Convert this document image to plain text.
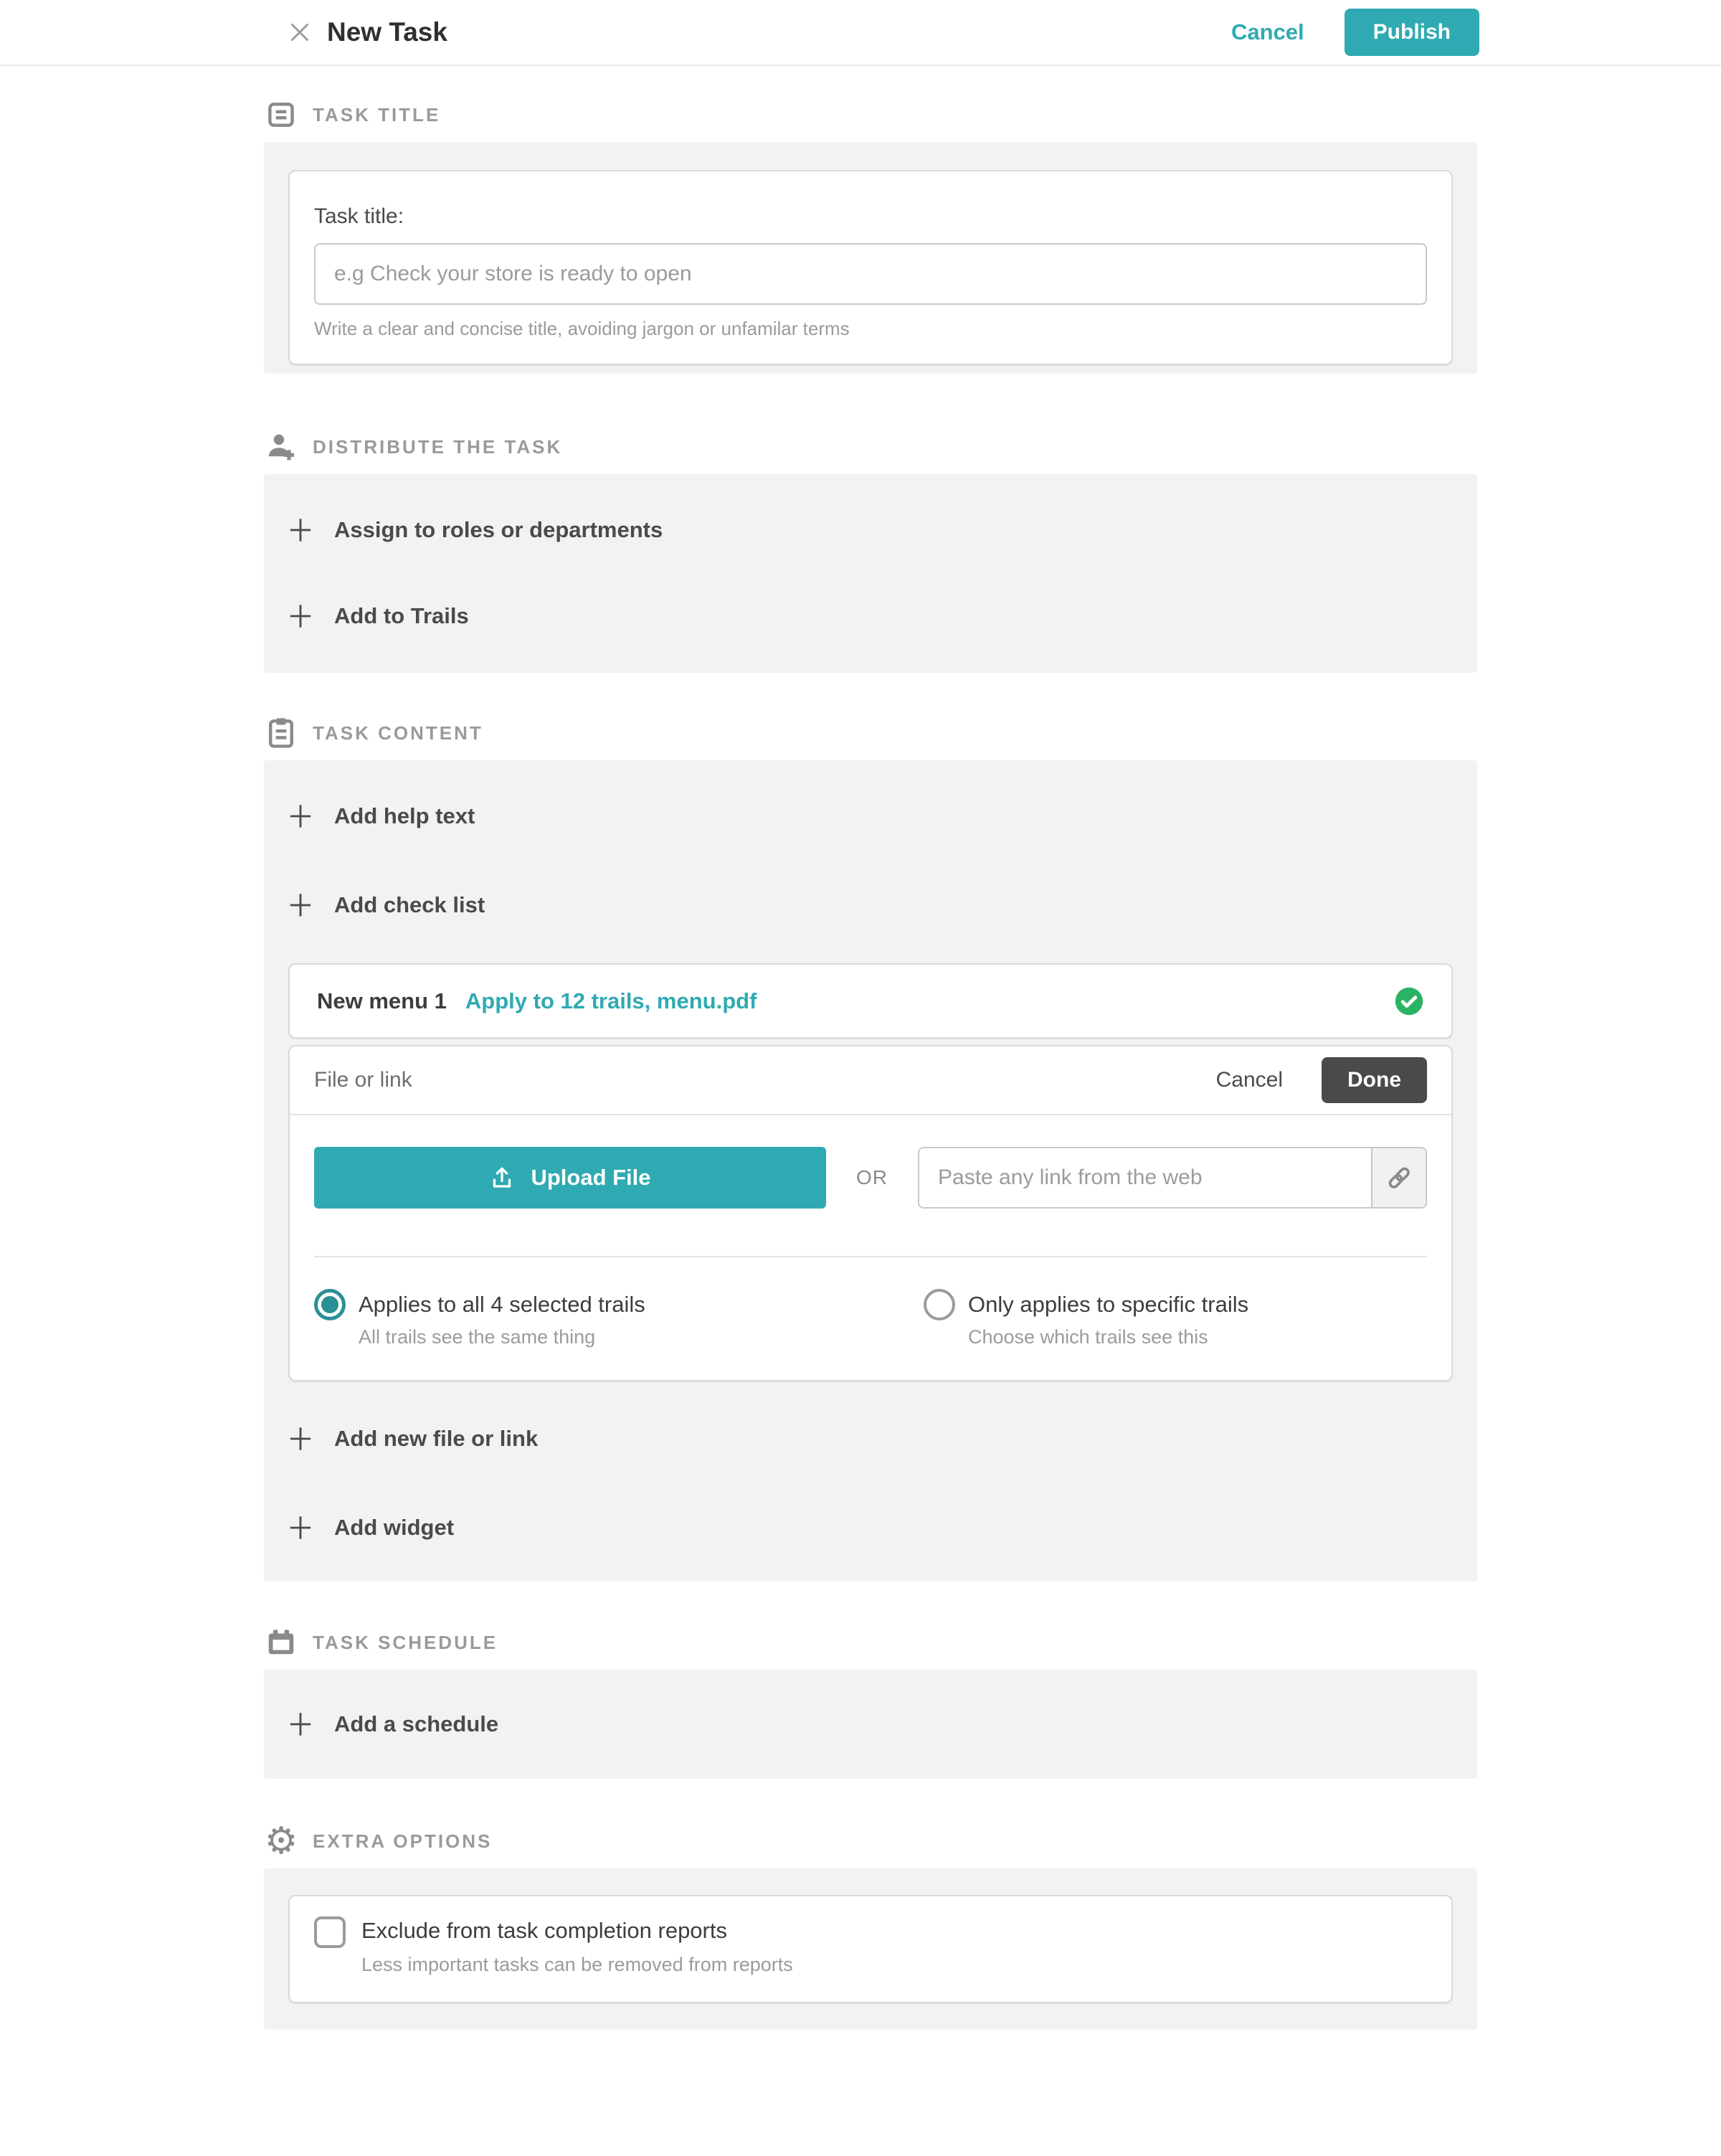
New Task	Cancel	Publish
TASK TITLE
Task title:
e.g Check your store is ready to open
Write a clear and concise title, avoiding jargon or unfamilar terms
DISTRIBUTE THE TASK
Assign to roles or departments
Add to Trails
TASK CONTENT
Add help text
Add check list
New menu 1 Apply to 12 trails, menu.pdf
File or link	Cancel	Done
Upload File	OR
Paste any link from the web
Applies to all 4 selected trails
All trails see the same thing
Only applies to specific trails
Choose which trails see this
Add new file or link
Add widget
TASK SCHEDULE
Add a schedule
⚙ EXTRA OPTIONS
Exclude from task completion reports
Less important tasks can be removed from reports
